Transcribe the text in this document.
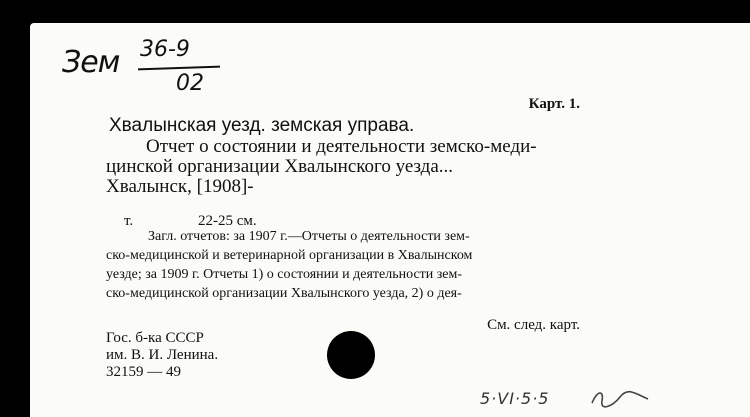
Зем 36-9
02
Карт. 1.
Хвалынская уезд. земская управа.
Отчет о состоянии и деятельности земско-меди-
цинской организации Хвалынского уезда...
Хвалынск, [1908]-
т.	22-25 см.
Загл. отчетов: за 1907 г.—Отчеты о деятельности зем-
ско-медицинской и ветеринарной организации в Хвалынском
уезде; за 1909 г. Отчеты 1) о состоянии и деятельности зем-
ско-медицинской организации Хвалынского уезда, 2) о дея-
См. след. карт.
Гос. б-ка СССР
им. В. И. Ленина.
32159 — 49
5·VI·5·5
